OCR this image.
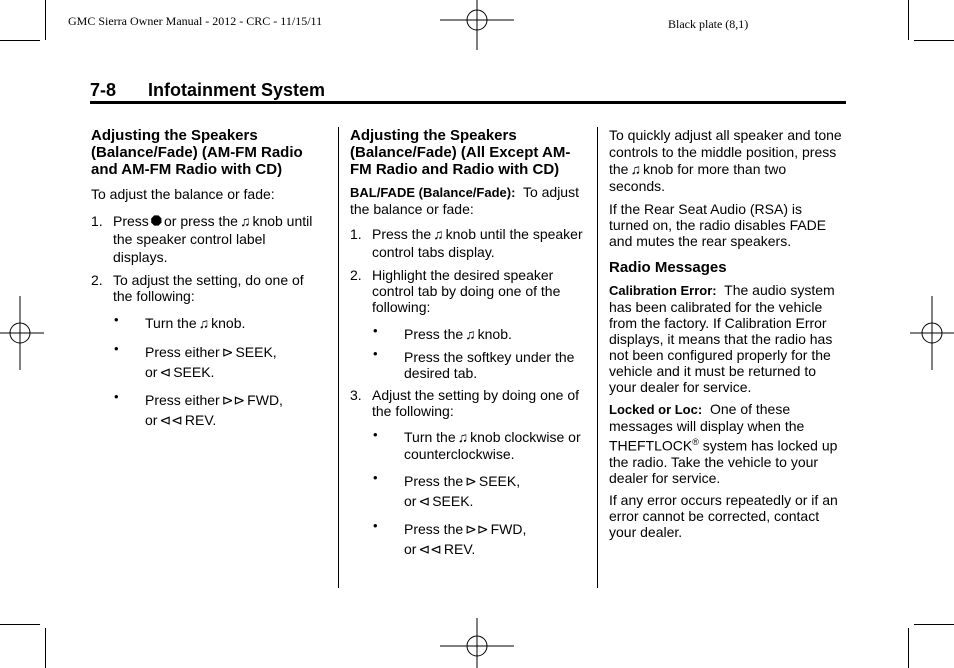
GMC Sierra Owner Manual - 2012 - CRC - 11/15/11	Black plate (8,1)
7-8 Infotainment System
Adjusting the Speakers (Balance/Fade) (AM-FM Radio and AM-FM Radio with CD)

To adjust the balance or fade:

1. Press ⯃ or press the ♫ knob until the speaker control label displays.
2. To adjust the setting, do one of the following:
• Turn the ♫ knob.
• Press either ⊳ SEEK,
or ⊲ SEEK.
• Press either ⊳⊳ FWD,
or ⊲⊲ REV.
Adjusting the Speakers (Balance/Fade) (All Except AM-FM Radio and Radio with CD)

BAL/FADE (Balance/Fade): To adjust the balance or fade:

1. Press the ♫ knob until the speaker control tabs display.
2. Highlight the desired speaker control tab by doing one of the following:
• Press the ♫ knob.
• Press the softkey under the desired tab.
3. Adjust the setting by doing one of the following:
• Turn the ♫ knob clockwise or counterclockwise.
• Press the ⊳ SEEK,
or ⊲ SEEK.
• Press the ⊳⊳ FWD,
or ⊲⊲ REV.

To quickly adjust all speaker and tone controls to the middle position, press the ♫ knob for more than two seconds.

If the Rear Seat Audio (RSA) is turned on, the radio disables FADE and mutes the rear speakers.

Radio Messages

Calibration Error: The audio system has been calibrated for the vehicle from the factory. If Calibration Error displays, it means that the radio has not been configured properly for the vehicle and it must be returned to your dealer for service.

Locked or Loc: One of these messages will display when the THEFTLOCK® system has locked up the radio. Take the vehicle to your dealer for service.

If any error occurs repeatedly or if an error cannot be corrected, contact your dealer.
